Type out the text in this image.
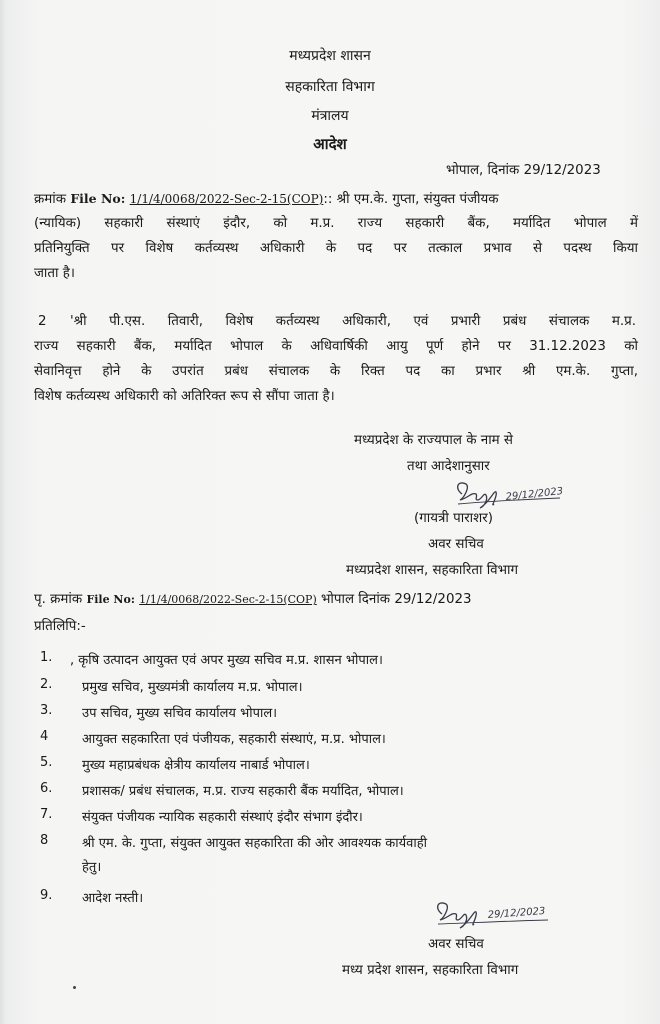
मध्यप्रदेश शासन
सहकारिता विभाग
मंत्रालय
आदेश
भोपाल, दिनांक 29/12/2023
क्रमांक File No: 1/1/4/0068/2022-Sec-2-15(COP):: श्री एम.के. गुप्ता, संयुक्त पंजीयक
(न्यायिक) सहकारी संस्थाएं इंदौर, को म.प्र. राज्य सहकारी बैंक, मर्यादित भोपाल में
प्रतिनियुक्ति पर विशेष कर्तव्यस्थ अधिकारी के पद पर तत्काल प्रभाव से पदस्थ किया
जाता है।
2 'श्री पी.एस. तिवारी, विशेष कर्तव्यस्थ अधिकारी, एवं प्रभारी प्रबंध संचालक म.प्र.
राज्य सहकारी बैंक, मर्यादित भोपाल के अधिवार्षिकी आयु पूर्ण होने पर 31.12.2023 को
सेवानिवृत्त होने के उपरांत प्रबंध संचालक के रिक्त पद का प्रभार श्री एम.के. गुप्ता,
विशेष कर्तव्यस्थ अधिकारी को अतिरिक्त रूप से सौंपा जाता है।
मध्यप्रदेश के राज्यपाल के नाम से
तथा आदेशानुसार
29/12/2023
(गायत्री पाराशर)
अवर सचिव
मध्यप्रदेश शासन, सहकारिता विभाग
पृ. क्रमांक File No: 1/1/4/0068/2022-Sec-2-15(COP) भोपाल दिनांक 29/12/2023
प्रतिलिपि:-
1. , कृषि उत्पादन आयुक्त एवं अपर मुख्य सचिव म.प्र. शासन भोपाल।
2. प्रमुख सचिव, मुख्यमंत्री कार्यालय म.प्र. भोपाल।
3. उप सचिव, मुख्य सचिव कार्यालय भोपाल।
4	आयुक्त सहकारिता एवं पंजीयक, सहकारी संस्थाएं, म.प्र. भोपाल।
5. मुख्य महाप्रबंधक क्षेत्रीय कार्यालय नाबार्ड भोपाल।
6. प्रशासक/ प्रबंध संचालक, म.प्र. राज्य सहकारी बैंक मर्यादित, भोपाल।
7. संयुक्त पंजीयक न्यायिक सहकारी संस्थाएं इंदौर संभाग इंदौर।
8	श्री एम. के. गुप्ता, संयुक्त आयुक्त सहकारिता की ओर आवश्यक कार्यवाही
हेतु।
9. आदेश नस्ती।
29/12/2023
अवर सचिव
मध्य प्रदेश शासन, सहकारिता विभाग
